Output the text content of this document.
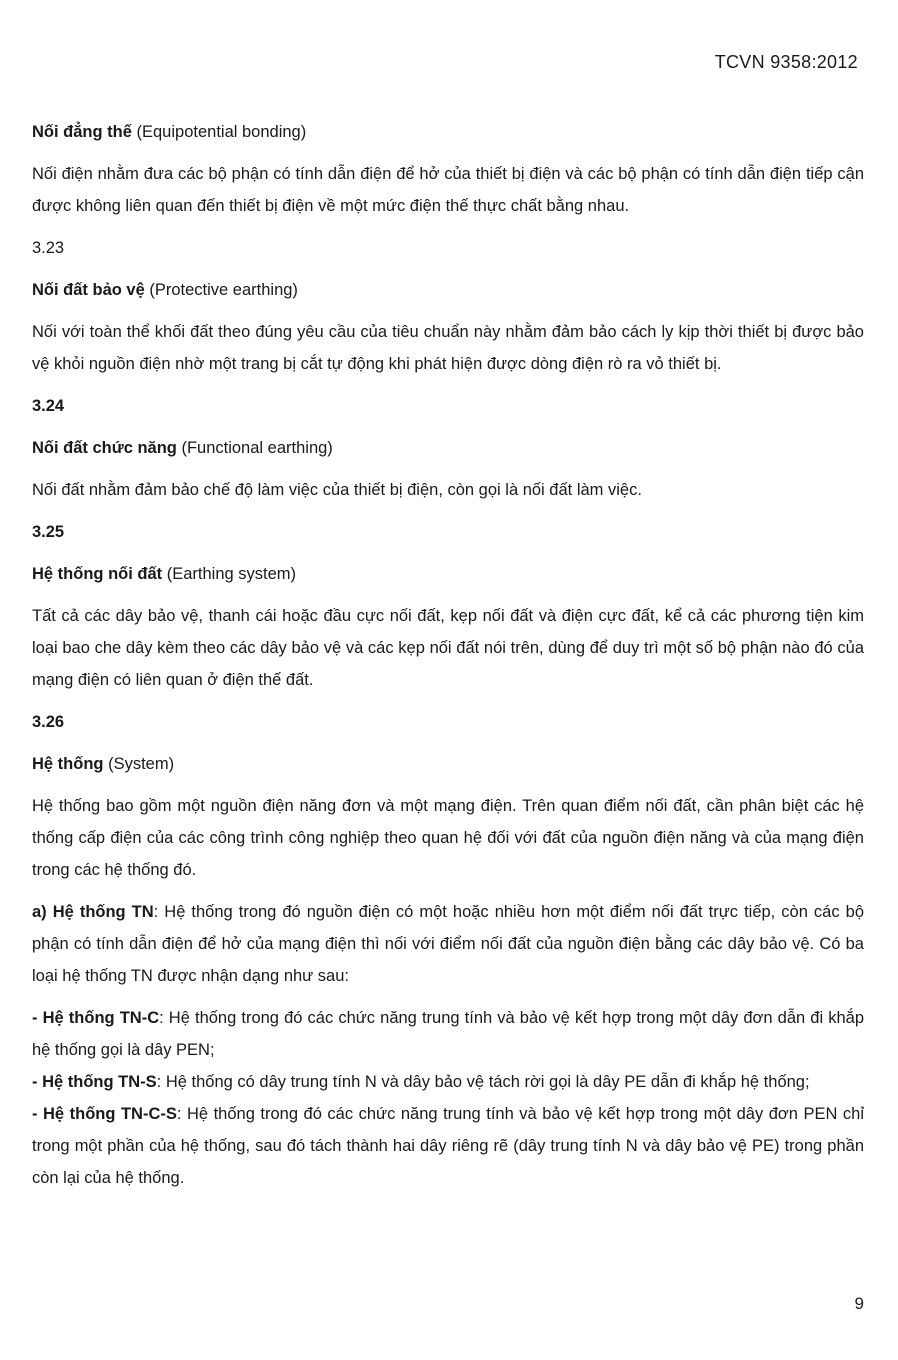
TCVN 9358:2012

Nối đẳng thế (Equipotential bonding)

Nối điện nhằm đưa các bộ phận có tính dẫn điện để hở của thiết bị điện và các bộ phận có tính dẫn điện tiếp cận được không liên quan đến thiết bị điện về một mức điện thế thực chất bằng nhau.

3.23

Nối đất bảo vệ (Protective earthing)

Nối với toàn thể khối đất theo đúng yêu cầu của tiêu chuẩn này nhằm đảm bảo cách ly kịp thời thiết bị được bảo vệ khỏi nguồn điện nhờ một trang bị cắt tự động khi phát hiện được dòng điện rò ra vỏ thiết bị.

3.24

Nối đất chức năng (Functional earthing)

Nối đất nhằm đảm bảo chế độ làm việc của thiết bị điện, còn gọi là nối đất làm việc.

3.25

Hệ thống nối đất (Earthing system)

Tất cả các dây bảo vệ, thanh cái hoặc đầu cực nối đất, kẹp nối đất và điện cực đất, kể cả các phương tiện kim loại bao che dây kèm theo các dây bảo vệ và các kẹp nối đất nói trên, dùng để duy trì một số bộ phận nào đó của mạng điện có liên quan ở điện thế đất.

3.26

Hệ thống (System)

Hệ thống bao gồm một nguồn điện năng đơn và một mạng điện. Trên quan điểm nối đất, cần phân biệt các hệ thống cấp điện của các công trình công nghiệp theo quan hệ đối với đất của nguồn điện năng và của mạng điện trong các hệ thống đó.

a) Hệ thống TN: Hệ thống trong đó nguồn điện có một hoặc nhiều hơn một điểm nối đất trực tiếp, còn các bộ phận có tính dẫn điện để hở của mạng điện thì nối với điểm nối đất của nguồn điện bằng các dây bảo vệ. Có ba loại hệ thống TN được nhận dạng như sau:

- Hệ thống TN-C: Hệ thống trong đó các chức năng trung tính và bảo vệ kết hợp trong một dây đơn dẫn đi khắp hệ thống gọi là dây PEN;

- Hệ thống TN-S: Hệ thống có dây trung tính N và dây bảo vệ tách rời gọi là dây PE dẫn đi khắp hệ thống;

- Hệ thống TN-C-S: Hệ thống trong đó các chức năng trung tính và bảo vệ kết hợp trong một dây đơn PEN chỉ trong một phần của hệ thống, sau đó tách thành hai dây riêng rẽ (dây trung tính N và dây bảo vệ PE) trong phần còn lại của hệ thống.

9
